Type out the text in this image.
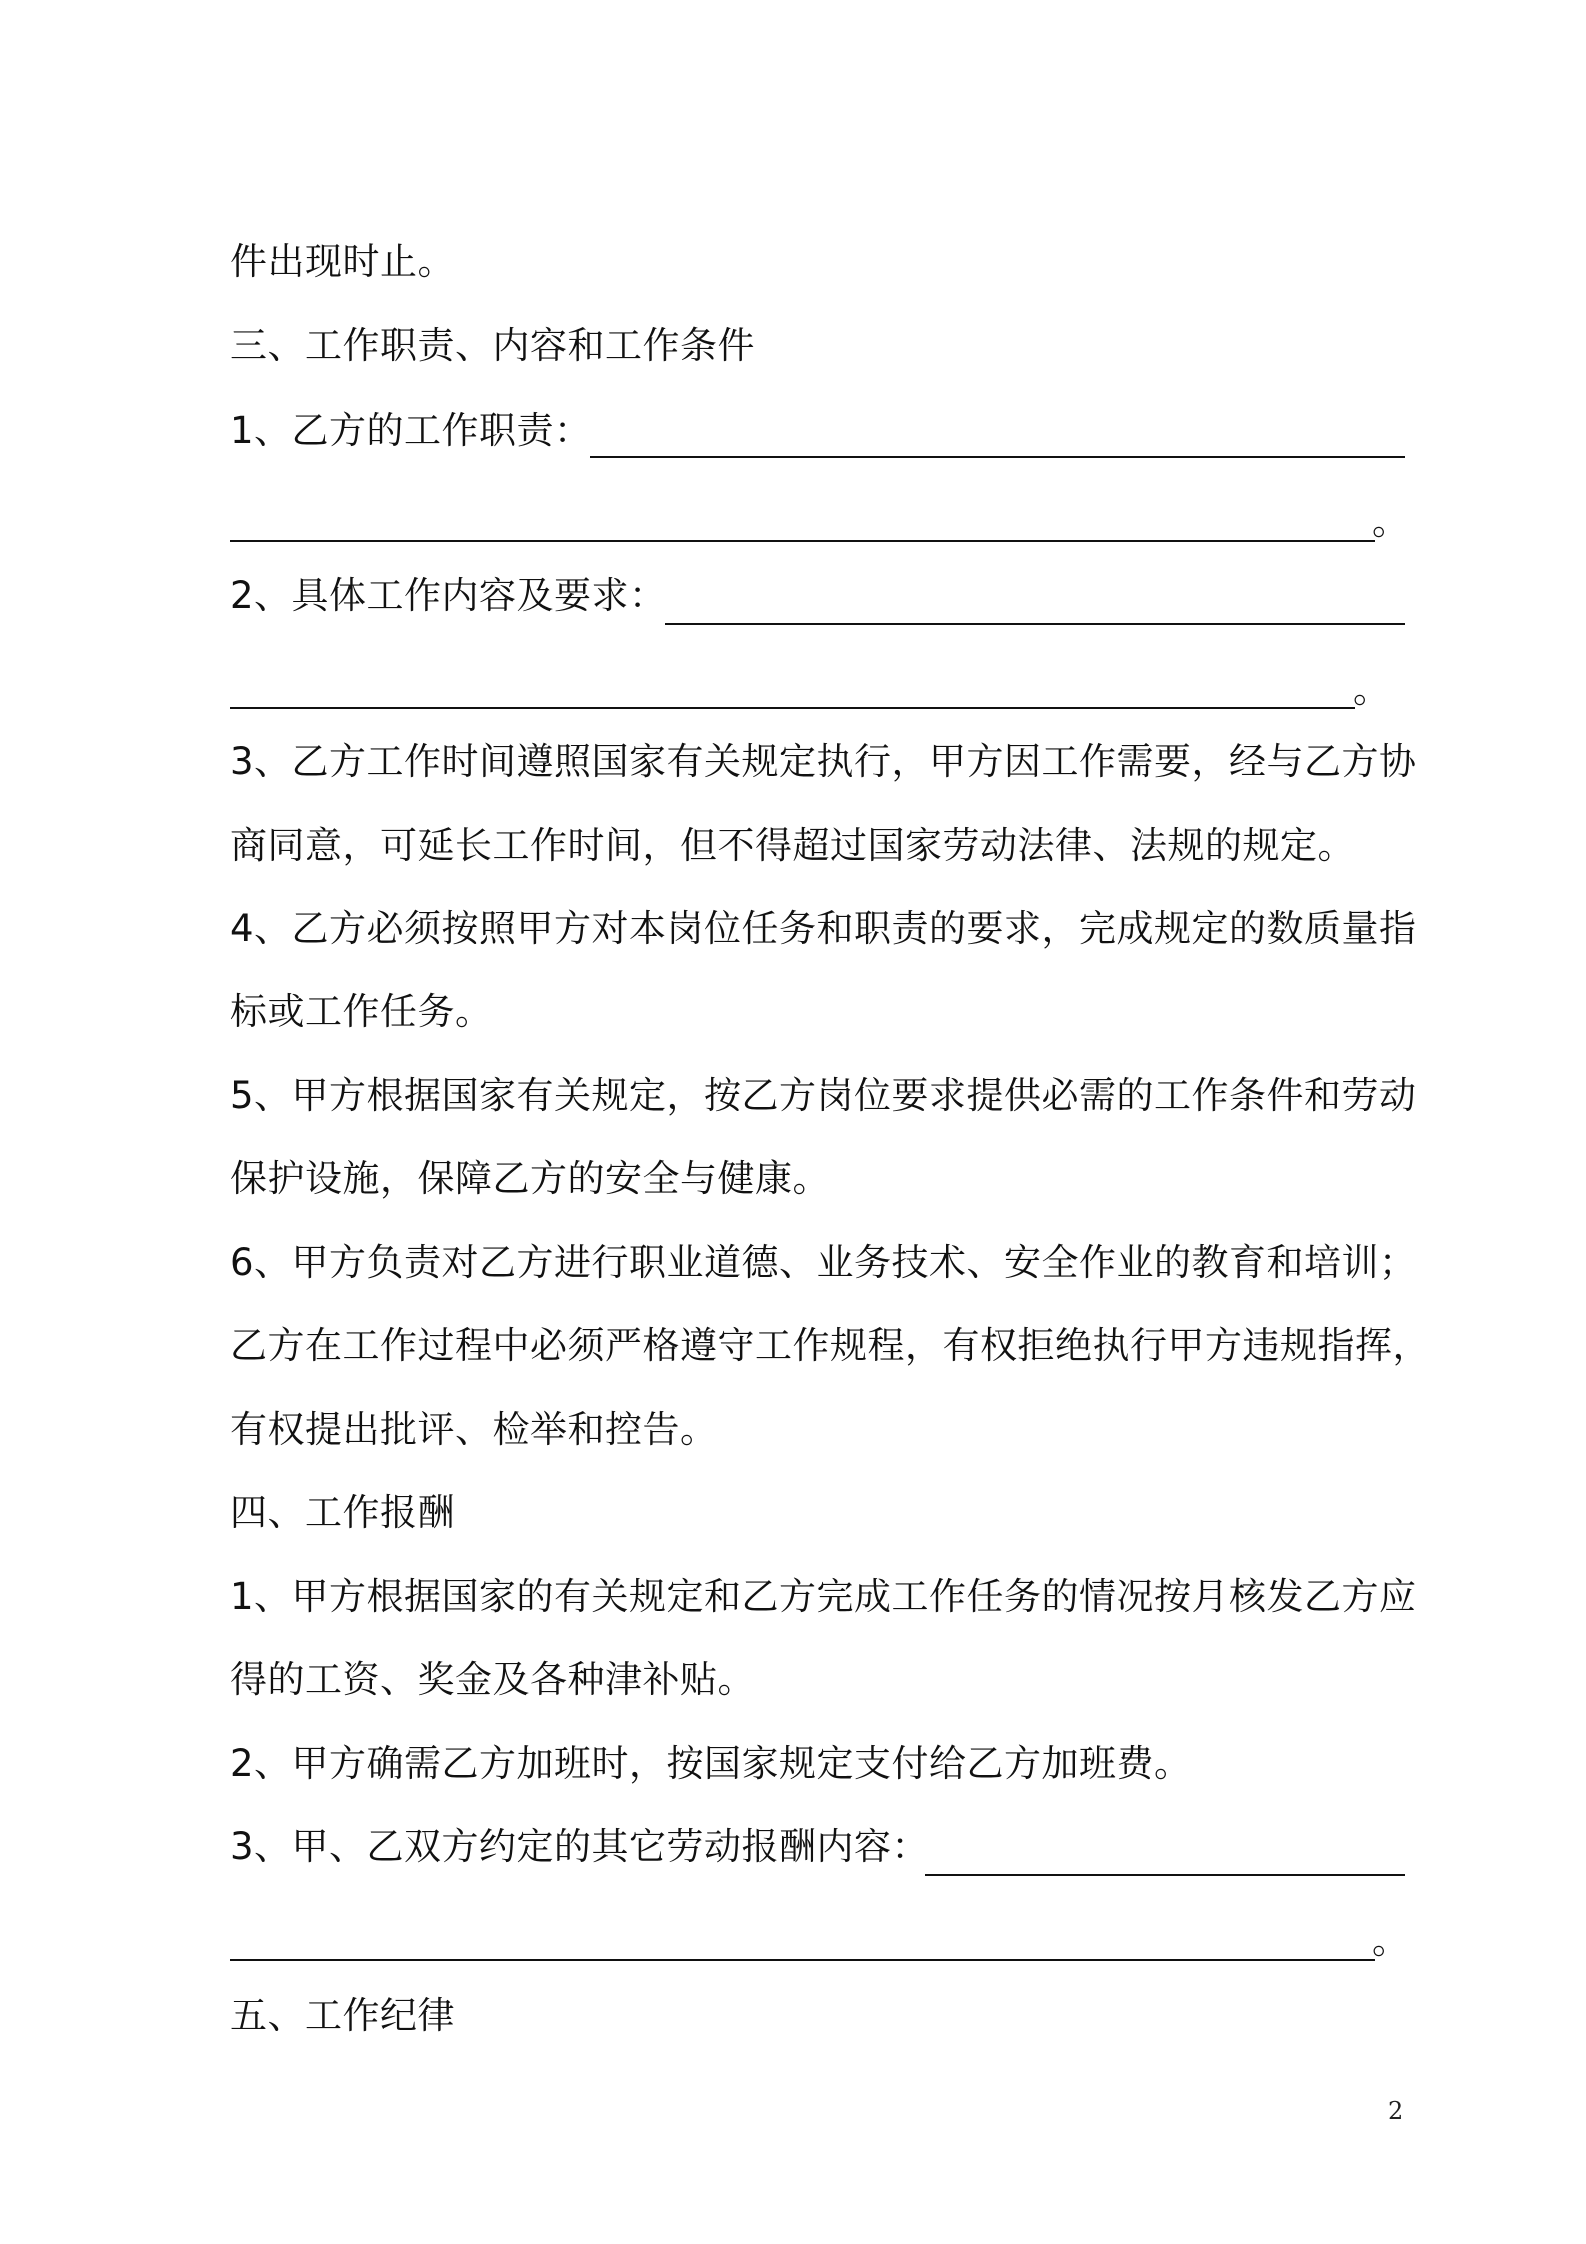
件出现时止。
三、工作职责、内容和工作条件
1、乙方的工作职责：
。
2、具体工作内容及要求：
。
3、乙方工作时间遵照国家有关规定执行，甲方因工作需要，经与乙方协
商同意，可延长工作时间，但不得超过国家劳动法律、法规的规定。
4、乙方必须按照甲方对本岗位任务和职责的要求，完成规定的数质量指
标或工作任务。
5、甲方根据国家有关规定，按乙方岗位要求提供必需的工作条件和劳动
保护设施，保障乙方的安全与健康。
6、甲方负责对乙方进行职业道德、业务技术、安全作业的教育和培训；
乙方在工作过程中必须严格遵守工作规程，有权拒绝执行甲方违规指挥，
有权提出批评、检举和控告。
四、工作报酬
1、甲方根据国家的有关规定和乙方完成工作任务的情况按月核发乙方应
得的工资、奖金及各种津补贴。
2、甲方确需乙方加班时，按国家规定支付给乙方加班费。
3、甲、乙双方约定的其它劳动报酬内容：
。
五、工作纪律
2
